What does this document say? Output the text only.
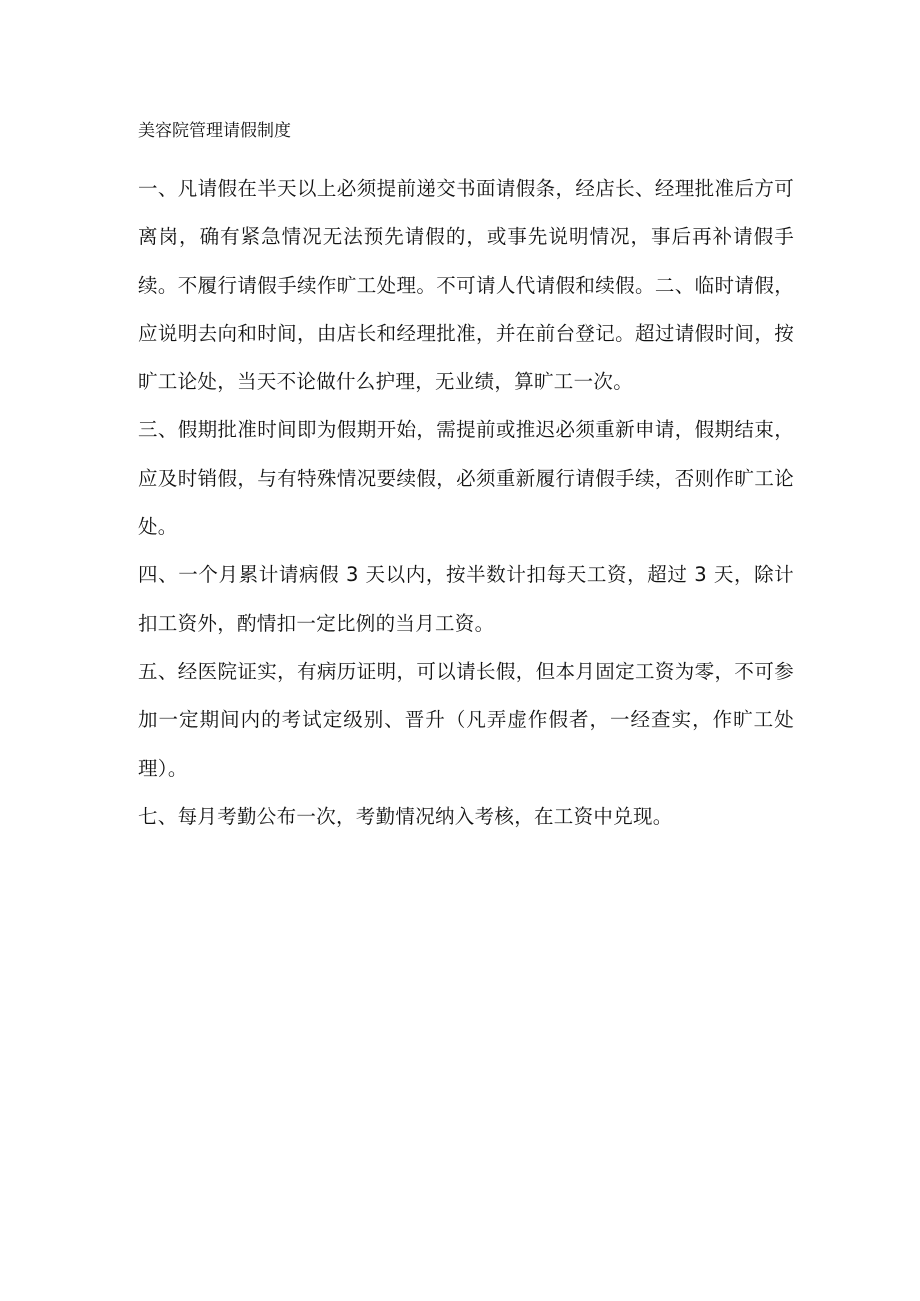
美容院管理请假制度

一、凡请假在半天以上必须提前递交书面请假条，经店长、经理批准后方可离岗，确有紧急情况无法预先请假的，或事先说明情况，事后再补请假手续。不履行请假手续作旷工处理。不可请人代请假和续假。二、临时请假，应说明去向和时间，由店长和经理批准，并在前台登记。超过请假时间，按旷工论处，当天不论做什么护理，无业绩，算旷工一次。

三、假期批准时间即为假期开始，需提前或推迟必须重新申请，假期结束，应及时销假，与有特殊情况要续假，必须重新履行请假手续，否则作旷工论处。

四、一个月累计请病假 3 天以内，按半数计扣每天工资，超过 3 天，除计扣工资外，酌情扣一定比例的当月工资。

五、经医院证实，有病历证明，可以请长假，但本月固定工资为零，不可参加一定期间内的考试定级别、晋升（凡弄虚作假者，一经查实，作旷工处理）。

七、每月考勤公布一次，考勤情况纳入考核，在工资中兑现。
